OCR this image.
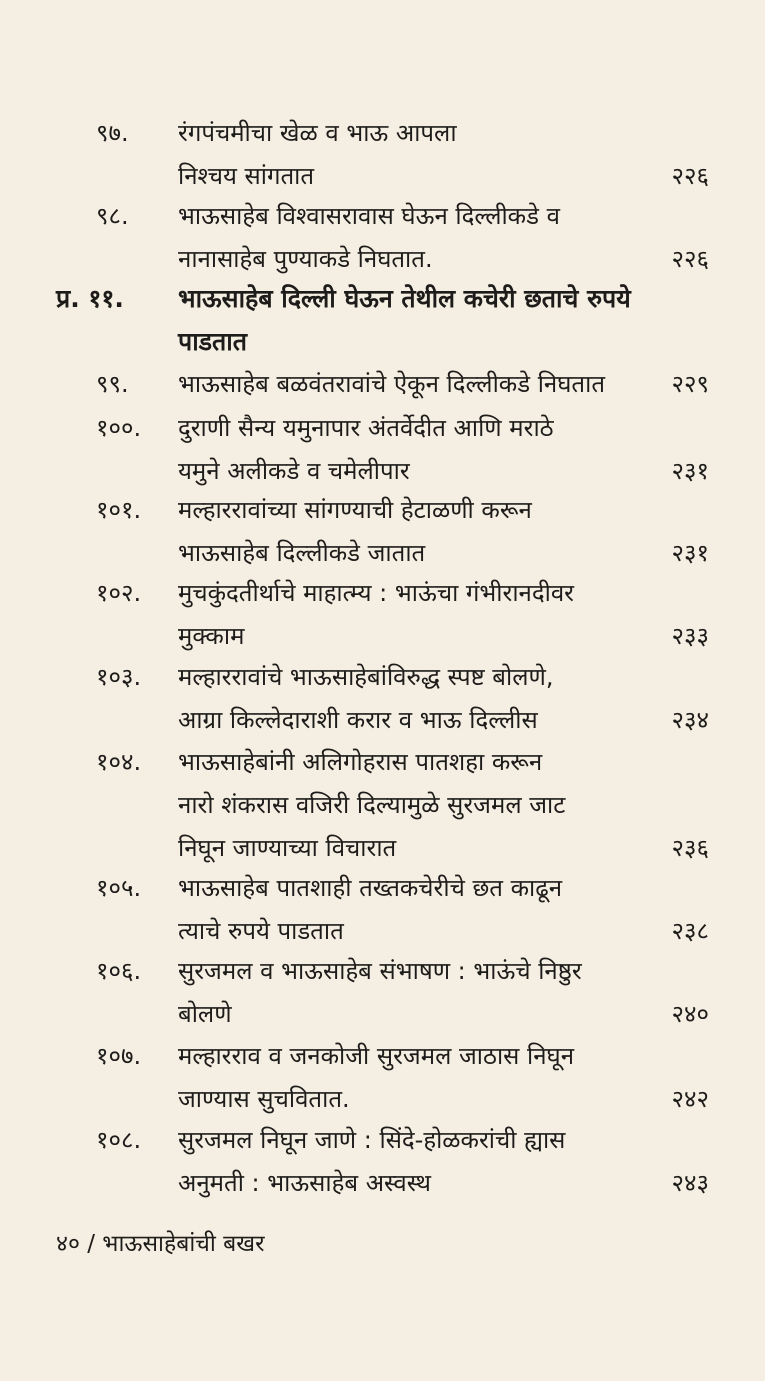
९७. रंगपंचमीचा खेळ व भाऊ आपला
निश्चय सांगतात	२२६
९८. भाऊसाहेब विश्वासरावास घेऊन दिल्लीकडे व
नानासाहेब पुण्याकडे निघतात.	२२६
प्र. ११. भाऊसाहेब दिल्ली घेऊन तेथील कचेरी छताचे रुपये
पाडतात
९९. भाऊसाहेब बळवंतरावांचे ऐकून दिल्लीकडे निघतात	२२९
१००. दुराणी सैन्य यमुनापार अंतर्वेदीत आणि मराठे
यमुने अलीकडे व चमेलीपार	२३१
१०१. मल्हाररावांच्या सांगण्याची हेटाळणी करून
भाऊसाहेब दिल्लीकडे जातात	२३१
१०२. मुचकुंदतीर्थाचे माहात्म्य : भाऊंचा गंभीरानदीवर
मुक्काम	२३३
१०३. मल्हाररावांचे भाऊसाहेबांविरुद्ध स्पष्ट बोलणे,
आग्रा किल्लेदाराशी करार व भाऊ दिल्लीस	२३४
१०४. भाऊसाहेबांनी अलिगोहरास पातशहा करून
नारो शंकरास वजिरी दिल्यामुळे सुरजमल जाट
निघून जाण्याच्या विचारात	२३६
१०५. भाऊसाहेब पातशाही तख्तकचेरीचे छत काढून
त्याचे रुपये पाडतात	२३८
१०६. सुरजमल व भाऊसाहेब संभाषण : भाऊंचे निष्ठुर
बोलणे	२४०
१०७. मल्हारराव व जनकोजी सुरजमल जाठास निघून
जाण्यास सुचवितात.	२४२
१०८. सुरजमल निघून जाणे : सिंदे-होळकरांची ह्यास
अनुमती : भाऊसाहेब अस्वस्थ	२४३
४० / भाऊसाहेबांची बखर
